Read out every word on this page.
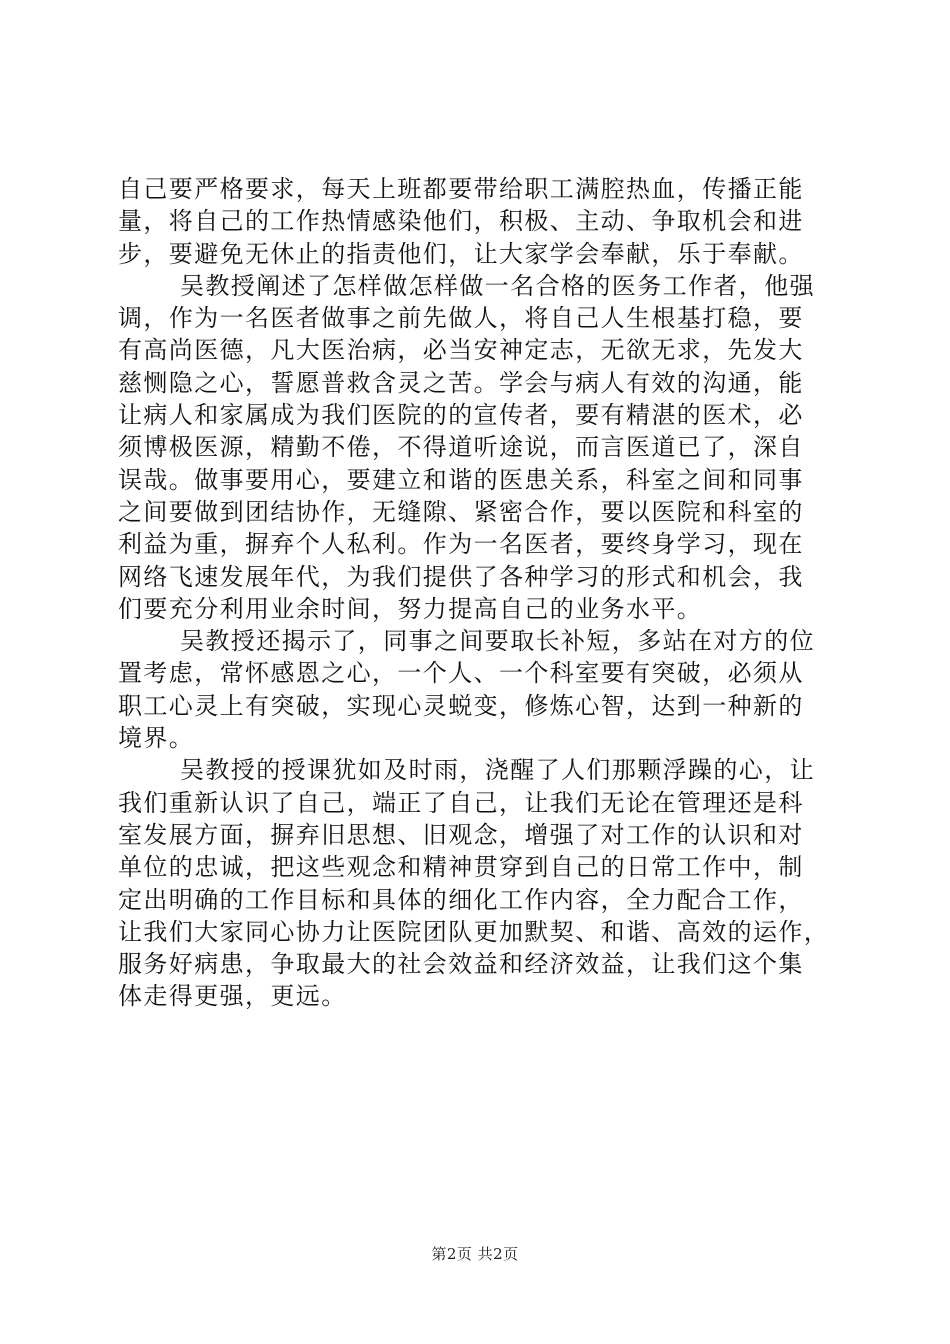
自己要严格要求，每天上班都要带给职工满腔热血，传播正能
量，将自己的工作热情感染他们，积极、主动、争取机会和进
步，要避免无休止的指责他们，让大家学会奉献，乐于奉献。
吴教授阐述了怎样做怎样做一名合格的医务工作者，他强
调，作为一名医者做事之前先做人，将自己人生根基打稳，要
有高尚医德，凡大医治病，必当安神定志，无欲无求，先发大
慈恻隐之心，誓愿普救含灵之苦。学会与病人有效的沟通，能
让病人和家属成为我们医院的的宣传者，要有精湛的医术，必
须博极医源，精勤不倦，不得道听途说，而言医道已了，深自
误哉。做事要用心，要建立和谐的医患关系，科室之间和同事
之间要做到团结协作，无缝隙、紧密合作，要以医院和科室的
利益为重，摒弃个人私利。作为一名医者，要终身学习，现在
网络飞速发展年代，为我们提供了各种学习的形式和机会，我
们要充分利用业余时间，努力提高自己的业务水平。
吴教授还揭示了，同事之间要取长补短，多站在对方的位
置考虑，常怀感恩之心，一个人、一个科室要有突破，必须从
职工心灵上有突破，实现心灵蜕变，修炼心智，达到一种新的
境界。
吴教授的授课犹如及时雨，浇醒了人们那颗浮躁的心，让
我们重新认识了自己，端正了自己，让我们无论在管理还是科
室发展方面，摒弃旧思想、旧观念，增强了对工作的认识和对
单位的忠诚，把这些观念和精神贯穿到自己的日常工作中，制
定出明确的工作目标和具体的细化工作内容，全力配合工作，
让我们大家同心协力让医院团队更加默契、和谐、高效的运作，
服务好病患，争取最大的社会效益和经济效益，让我们这个集
体走得更强，更远。
第2页 共2页
